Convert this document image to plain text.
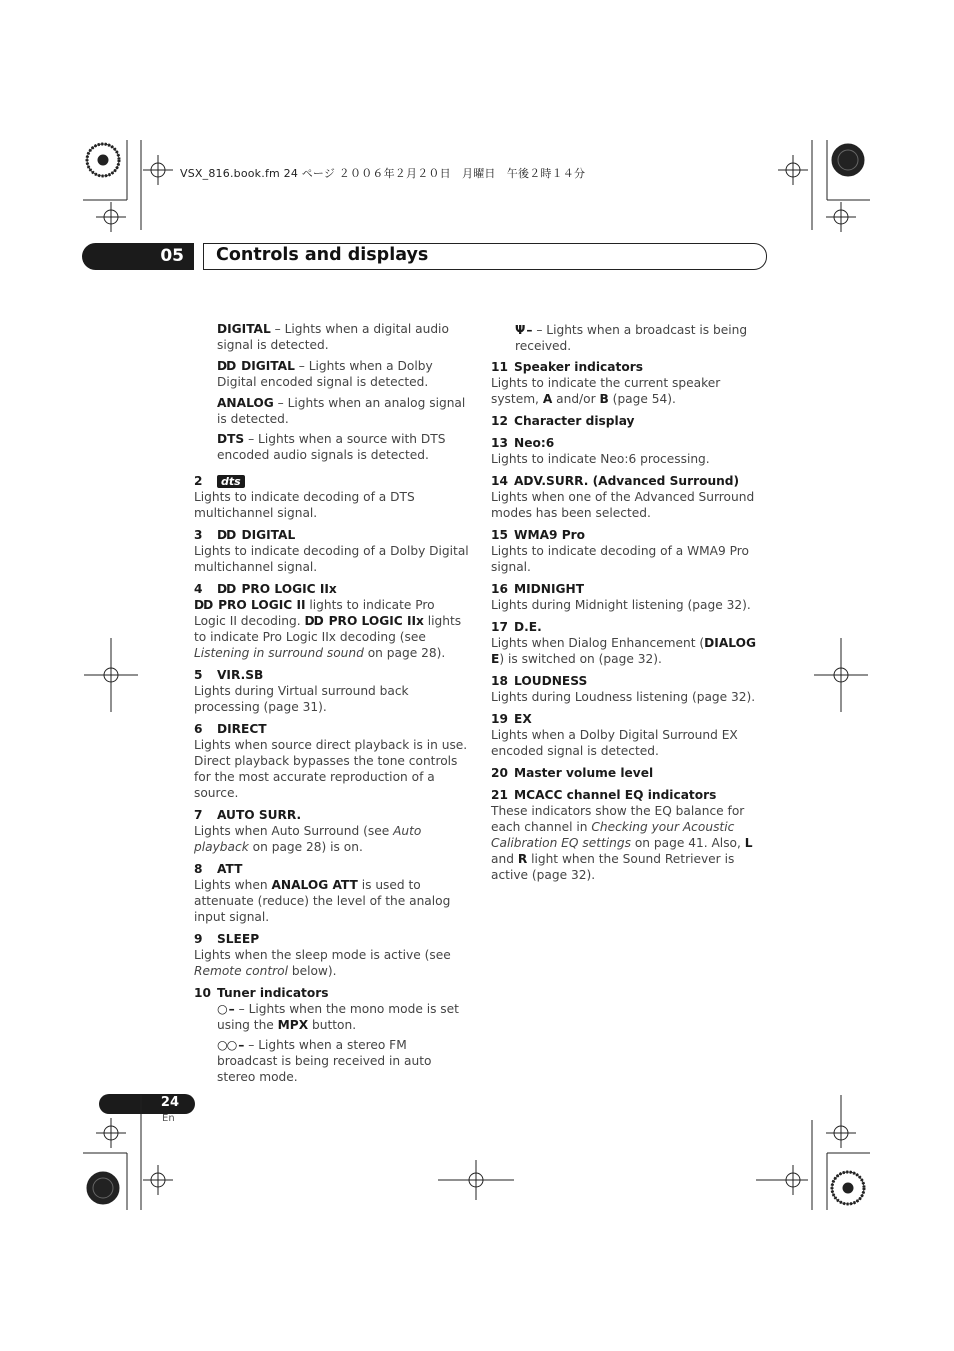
VSX_816.book.fm 24 ページ ２００６年２月２０日　月曜日　午後２時１４分
05 Controls and displays

DIGITAL – Lights when a digital audio signal is detected.

DD DIGITAL – Lights when a Dolby Digital encoded signal is detected.

ANALOG – Lights when an analog signal is detected.

DTS – Lights when a source with DTS encoded audio signals is detected.

2 dts

Lights to indicate decoding of a DTS multichannel signal.

3 DD DIGITAL

Lights to indicate decoding of a Dolby Digital multichannel signal.

4 DD PRO LOGIC IIx

DD PRO LOGIC II lights to indicate Pro Logic II decoding. DD PRO LOGIC IIx lights to indicate Pro Logic IIx decoding (see Listening in surround sound on page 28).

5 VIR.SB

Lights during Virtual surround back processing (page 31).

6 DIRECT

Lights when source direct playback is in use. Direct playback bypasses the tone controls for the most accurate reproduction of a source.

7 AUTO SURR.

Lights when Auto Surround (see Auto playback on page 28) is on.

8 ATT

Lights when ANALOG ATT is used to attenuate (reduce) the level of the analog input signal.

9 SLEEP

Lights when the sleep mode is active (see Remote control below).

10 Tuner indicators

○ – – Lights when the mono mode is set using the MPX button.

○○ – – Lights when a stereo FM broadcast is being received in auto stereo mode.

Ψ – – Lights when a broadcast is being received.

11 Speaker indicators

Lights to indicate the current speaker system, A and/or B (page 54).

12 Character display

13 Neo:6

Lights to indicate Neo:6 processing.

14 ADV.SURR. (Advanced Surround)

Lights when one of the Advanced Surround modes has been selected.

15 WMA9 Pro

Lights to indicate decoding of a WMA9 Pro signal.

16 MIDNIGHT

Lights during Midnight listening (page 32).

17 D.E.

Lights when Dialog Enhancement (DIALOG E) is switched on (page 32).

18 LOUDNESS

Lights during Loudness listening (page 32).

19 EX

Lights when a Dolby Digital Surround EX encoded signal is detected.

20 Master volume level

21 MCACC channel EQ indicators

These indicators show the EQ balance for each channel in Checking your Acoustic Calibration EQ settings on page 41. Also, L and R light when the Sound Retriever is active (page 32).

24
En
